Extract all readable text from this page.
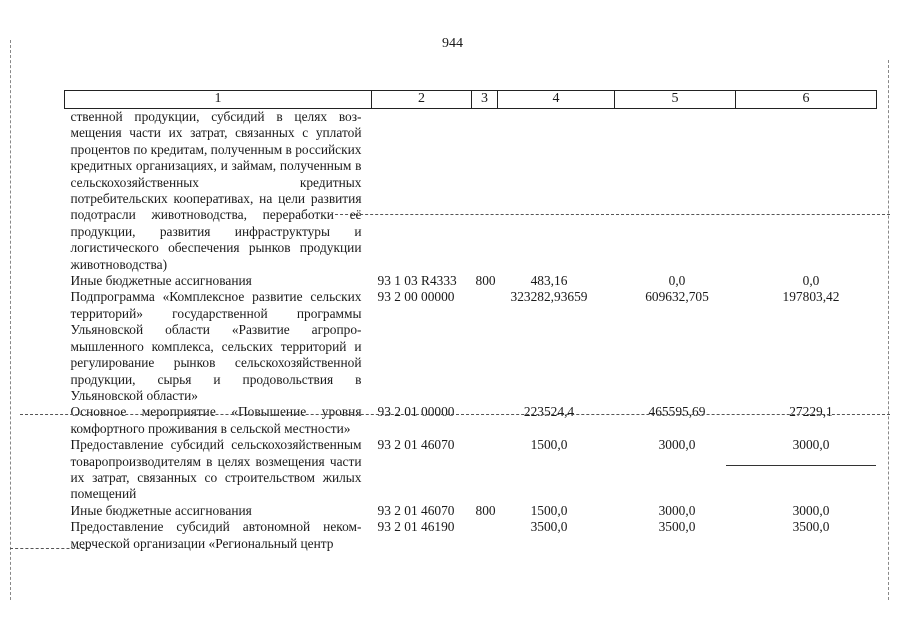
944
1	2	3	4	5	6
ственной продукции, субсидий в целях возмещения части их затрат, связанных с уплатой процентов по кредитам, полученным в российских кредитных организациях, и займам, полученным в сельскохозяйственных кредитных потребительских кооперативах, на цели развития подотрасли животноводства, переработки её продукции, развития инфраструктуры и логистического обеспечения рынков продукции животноводства)					
Иные бюджетные ассигнования	93 1 03 R4333	800	483,16	0,0	0,0
Подпрограмма «Комплексное развитие сельских территорий» государственной программы Ульяновской области «Развитие агропромышленного комплекса, сельских территорий и регулирование рынков сельскохозяйственной продукции, сырья и продовольствия в Ульяновской области»	93 2 00 00000		323282,93659	609632,705	197803,42
Основное мероприятие «Повышение уровня комфортного проживания в сельской местности»	93 2 01 00000		223524,4	465595,69	27229,1
Предоставление субсидий сельскохозяйственным товаропроизводителям в целях возмещения части их затрат, связанных со строительством жилых помещений	93 2 01 46070		1500,0	3000,0	3000,0
Иные бюджетные ассигнования	93 2 01 46070	800	1500,0	3000,0	3000,0
Предоставление субсидий автономной некоммерческой организации «Региональный центр	93 2 01 46190		3500,0	3500,0	3500,0
